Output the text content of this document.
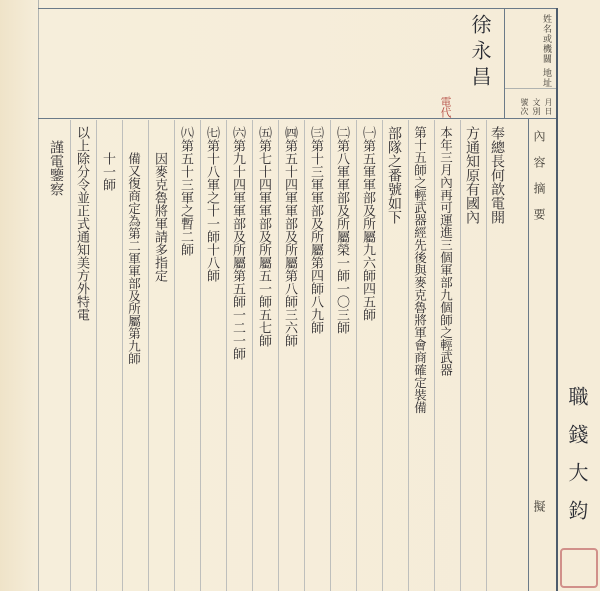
姓名或機關
地址
徐永昌
月日
文別
號次
內容摘要
擬
電代
奉總長何歆電開
方通知原有國內
本年三月內再可運進三個軍部九個師之輕武器
第十五師之輕武器經先後與麥克魯將軍會商確定裝備
部隊之番號如下
㈠第五軍軍部及所屬九六師四五師
㈡第八軍軍部及所屬榮一師一〇三師
㈢第十三軍軍部及所屬第四師八九師
㈣第五十四軍軍部及所屬第八師三六師
㈤第七十四軍軍部及所屬五一師五七師
㈥第九十四軍軍部及所屬第五師一二一師
㈦第十八軍之十一師十八師
㈧第五十三軍之暫二師
因麥克魯將軍請多指定
備又復商定為第二軍軍部及所屬第九師
十一師
以上除分令並正式通知美方外特電
謹電鑒察
職錢大鈞
